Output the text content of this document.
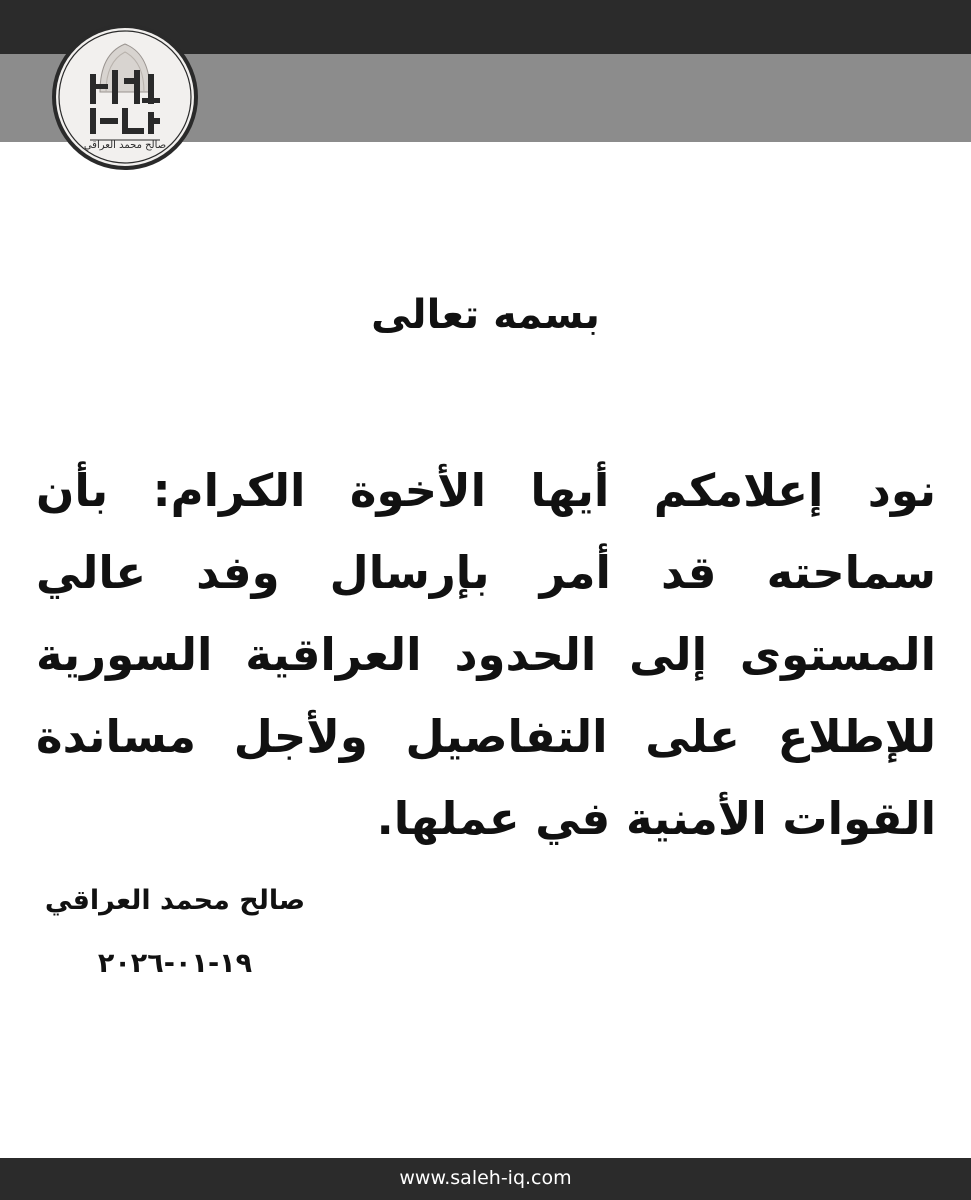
صالح محمد العراقي
بسمه تعالى
نود إعلامكم أيها الأخوة الكرام: بأن سماحته قد أمر بإرسال وفد عالي المستوى إلى الحدود العراقية السورية للإطلاع على التفاصيل ولأجل مساندة القوات الأمنية في عملها.
صالح محمد العراقي
١٩-٠١-٢٠٢٦
www.saleh-iq.com
